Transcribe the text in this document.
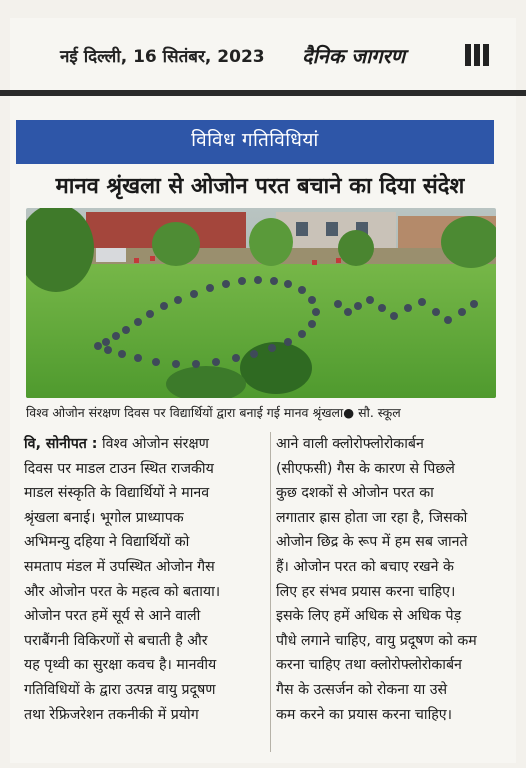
नई दिल्ली, 16 सितंबर, 2023 दैनिक जागरण
विविध गतिविधियां
मानव श्रृंखला से ओजोन परत बचाने का दिया संदेश
विश्व ओजोन संरक्षण दिवस पर विद्यार्थियों द्वारा बनाई गई मानव श्रृंखला● सौ. स्कूल
वि, सोनीपत : विश्व ओजोन संरक्षण
दिवस पर माडल टाउन स्थित राजकीय
माडल संस्कृति के विद्यार्थियों ने मानव
श्रृंखला बनाई। भूगोल प्राध्यापक
अभिमन्यु दहिया ने विद्यार्थियों को
समताप मंडल में उपस्थित ओजोन गैस
और ओजोन परत के महत्व को बताया।
ओजोन परत हमें सूर्य से आने वाली
पराबैंगनी विकिरणों से बचाती है और
यह पृथ्वी का सुरक्षा कवच है। मानवीय
गतिविधियों के द्वारा उत्पन्न वायु प्रदूषण
तथा रेफ्रिजरेशन तकनीकी में प्रयोग
आने वाली क्लोरोफ्लोरोकार्बन
(सीएफसी) गैस के कारण से पिछले
कुछ दशकों से ओजोन परत का
लगातार ह्रास होता जा रहा है, जिसको
ओजोन छिद्र के रूप में हम सब जानते
हैं। ओजोन परत को बचाए रखने के
लिए हर संभव प्रयास करना चाहिए।
इसके लिए हमें अधिक से अधिक पेड़
पौधे लगाने चाहिए, वायु प्रदूषण को कम
करना चाहिए तथा क्लोरोफ्लोरोकार्बन
गैस के उत्सर्जन को रोकना या उसे
कम करने का प्रयास करना चाहिए।
